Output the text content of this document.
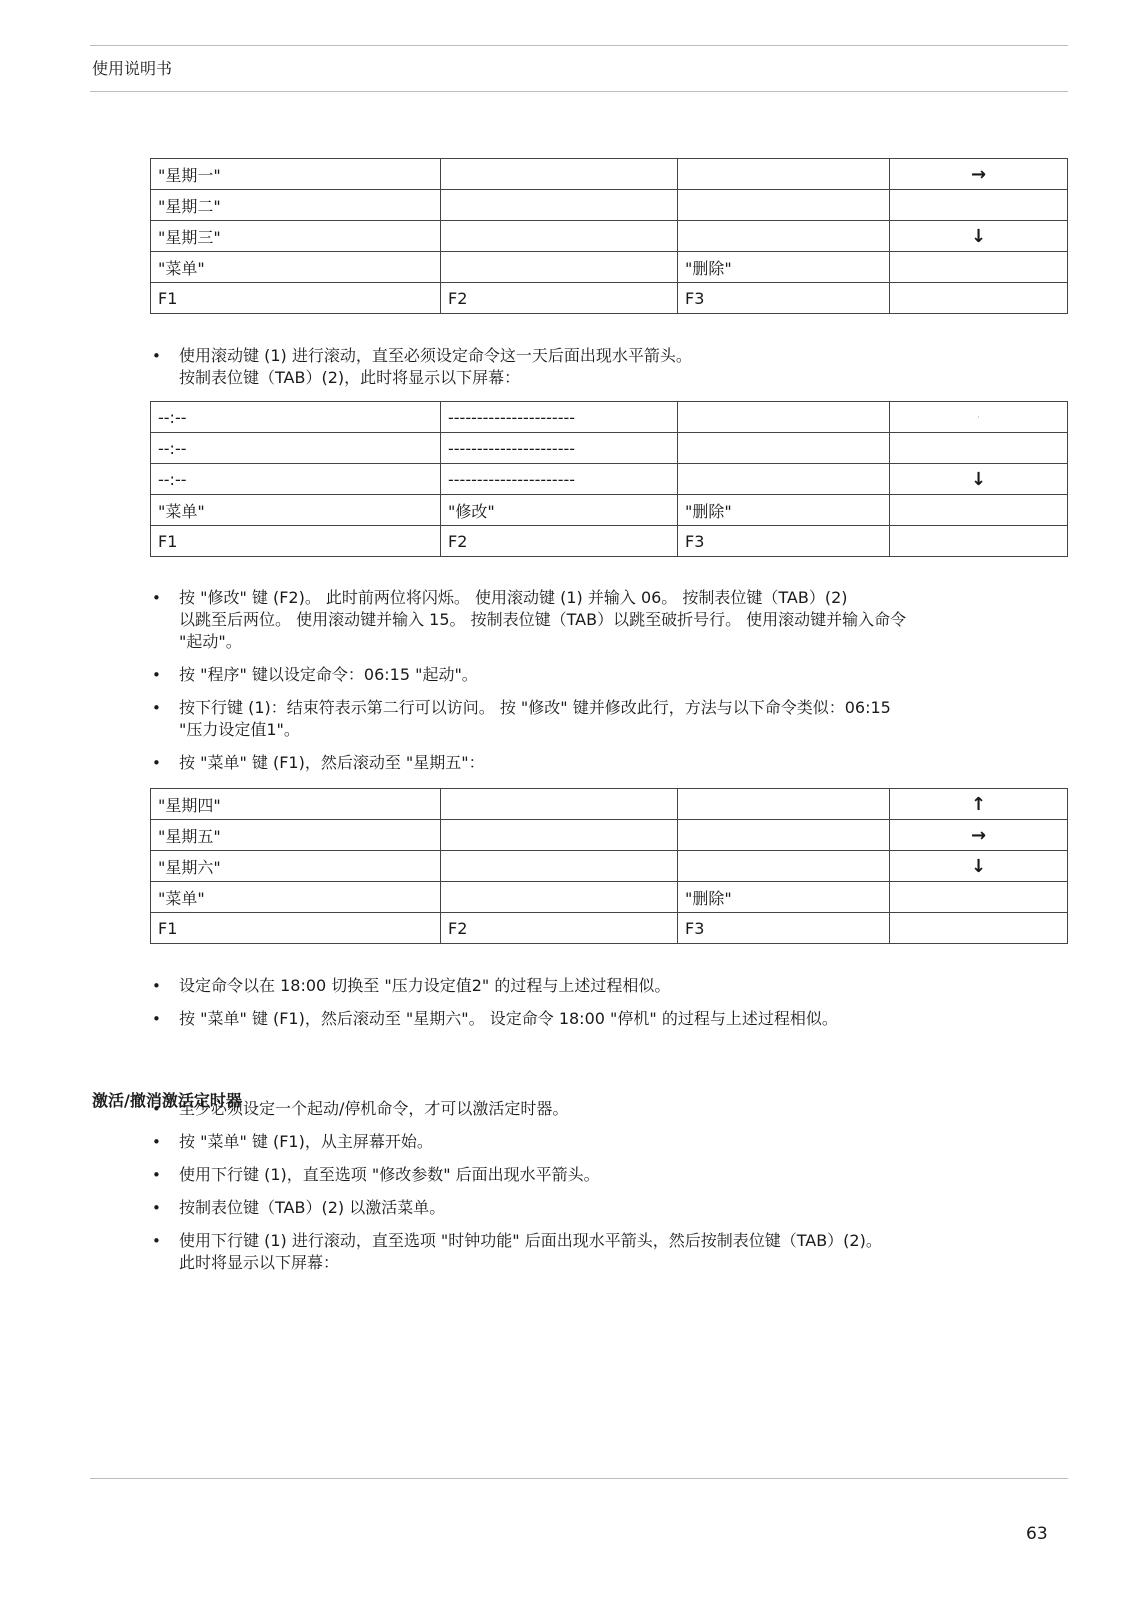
使用说明书
"星期一"			→
"星期二"			
"星期三"			↓
"菜单"		"删除"	
F1	F2	F3	
• 使用滚动键 (1) 进行滚动，直至必须设定命令这一天后面出现水平箭头。
按制表位键（TAB）(2)，此时将显示以下屏幕：
--:--	----------------------		·
--:--	----------------------		
--:--	----------------------		↓
"菜单"	"修改"	"删除"	
F1	F2	F3	
• 按 "修改" 键 (F2)。 此时前两位将闪烁。 使用滚动键 (1) 并输入 06。 按制表位键（TAB）(2)
以跳至后两位。 使用滚动键并输入 15。 按制表位键（TAB）以跳至破折号行。 使用滚动键并输入命令
"起动"。
• 按 "程序" 键以设定命令：06:15 "起动"。
• 按下行键 (1)：结束符表示第二行可以访问。 按 "修改" 键并修改此行，方法与以下命令类似：06:15
"压力设定值1"。
• 按 "菜单" 键 (F1)，然后滚动至 "星期五"：
"星期四"			↑
"星期五"			→
"星期六"			↓
"菜单"		"删除"	
F1	F2	F3	
• 设定命令以在 18:00 切换至 "压力设定值2" 的过程与上述过程相似。
• 按 "菜单" 键 (F1)，然后滚动至 "星期六"。 设定命令 18:00 "停机" 的过程与上述过程相似。
激活/撤消激活定时器
• 至少必须设定一个起动/停机命令，才可以激活定时器。
• 按 "菜单" 键 (F1)，从主屏幕开始。
• 使用下行键 (1)，直至选项 "修改参数" 后面出现水平箭头。
• 按制表位键（TAB）(2) 以激活菜单。
• 使用下行键 (1) 进行滚动，直至选项 "时钟功能" 后面出现水平箭头，然后按制表位键（TAB）(2)。
此时将显示以下屏幕：
63
